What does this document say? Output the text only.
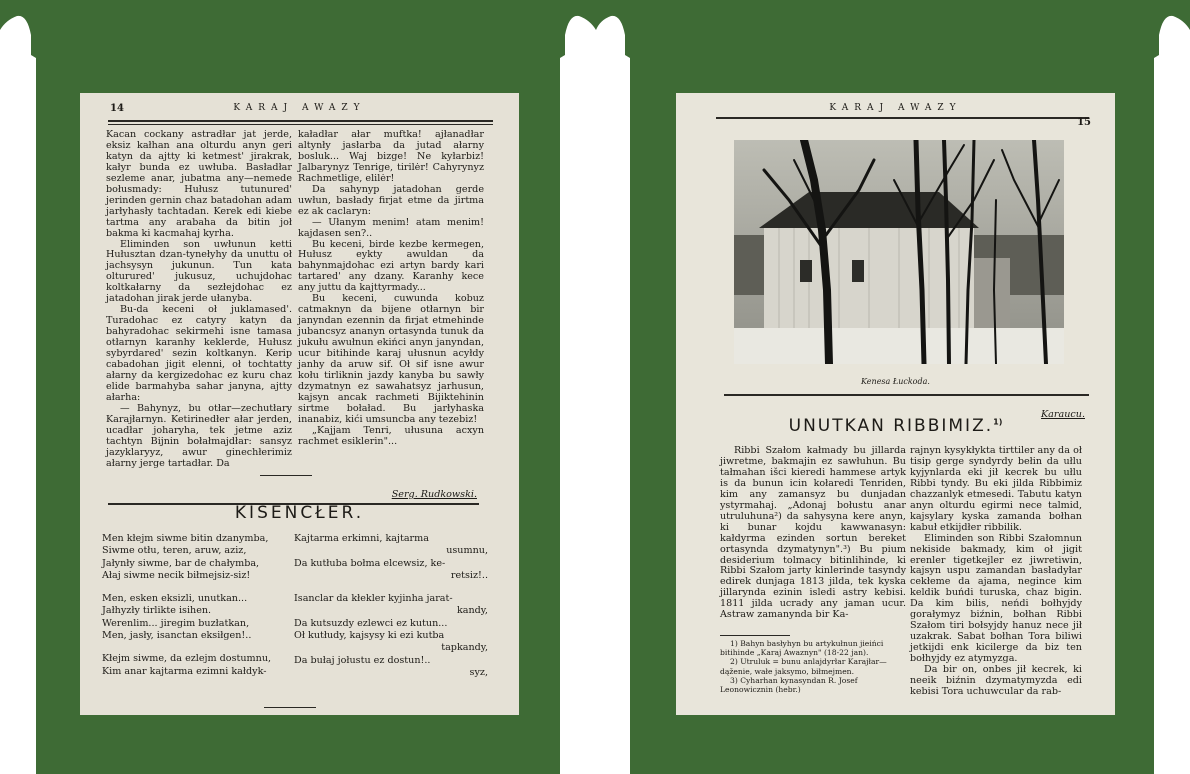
14	KARAJ AWAZY

Kacan cockany astradłar jat jerde, eksiz kałhan ana olturdu anyn geri katyn da ajtty ki ketmest' jirakrak, kałyr bunda ez uwłuba. Basładłar sezleme anar, jubatma any—nemede bołusmady: Hułusz tutunured' jerinden gernin chaz batadohan adam jarłyhasły tachtadan. Kerek edi kiebe tartma any arabaha da bitin joł bakma ki kacmahaj kyrha.

Eliminden son uwłunun ketti Hułusztan dzan-tynełyhy da unuttu oł jachsysyn jukunun. Tun kata olturured' jukusuz, uchujdohac koltkałarny da sezłejdohac ez jatadohan jirak jerde ułanyba.

Bu-da keceni oł juklamased'. Turadohac ez catyry katyn da bahyradohac sekirmehi isne tamasa otłarnyn karanhy keklerde, Hułusz sybyrdared' sezin koltkanyn. Kerip cabadohan jigit elenni, oł tochtatty ałarny da kergizedohac ez kuru chaz elide barmahyba sahar janyna, ajtty ałarha:

— Bahynyz, bu otłar—zechutłary Karajłarnyn. Ketirinedłer ałar jerden, ucadłar joharyha, tek jetme aziz tachtyn Bijnin bołałmajdłar: sansyz jazyklaryyz, awur ginechłerimiz ałarny jerge tartadłar. Da

kaładłar ałar muftka! ajłanadłar altynły jasłarba da jutad ałarny bosluk... Waj bizge! Ne kyłarbiz! Jalbarynyz Tenrige, tirilėr! Cahyrynyz Rachmetlige, elilėr!

Da sahynyp jatadohan gerde uwłun, basłady firjat etme da jirtma ez ak caclaryn:

— Ułanym menim! atam menim! kajdasen sen?..

Bu keceni, birde kezbe kermegen, Hułusz eykty awuldan da bahynmajdohac ezi artyn bardy kari tartared' any dzany. Karanhy kece any juttu da kajttyrmady...

Bu keceni, cuwunda kobuz catmaknyn da bijene otłarnyn bir janyndan ezennin da firjat etmehinde jubancsyz ananyn ortasynda tunuk da jukułu awułnun ekińci anyn janyndan, ucur bitihinde karaj ułusnun acyłdy janhy da aruw sif. Oł sif isne awur kołu tirliknin jazdy kanyba bu sawły dzymatnyn ez sawahatsyz jarhusun, kajsyn ancak rachmeti Bijiktehinin sirtme bołaład. Bu jarłyhaska inanabiz, kići umsuncba any tezebiz!

„Kajjam Tenri, ułusuna acxyn rachmet esiklerin"...

Serg. Rudkowski.
KISENCŁER.
Men kłejm siwme bitin dzanymba,
Siwme otłu, teren, aruw, aziz,
Jałynły siwme, bar de chałymba,
Ałaj siwme necik biłmejsiz-siz!
Men, esken eksizli, unutkan...
Jałhyzły tirlikte isihen.
Werenlim... jiregim buzłatkan,
Men, jasły, isanctan eksiłgen!..
Kłejm siwme, da ezlejm dostumnu,
Kim anar kajtarma ezimni kałdyk-
Kajtarma erkimni, kajtarma
usumnu,
Da kutłuba bołma elcewsiz, ke-
retsiz!..
Isanclar da kłekler kyjinha jarat-
kandy,
Da kutsuzdy ezlewci ez kutun...
Oł kutłudy, kajsysy ki ezi kutba
tapkandy,
Da bułaj jołustu ez dostun!..
syz,
KARAJ AWAZY
15
Kenesa Łuckoda.
Karaucu.
UNUTKAN RIBBIMIZ.$^{1)}$

Ribbi Szałom kałmady bu jillarda jiwretme, bakmajin ez sawłuhun. Bu tałmahan išci kieredi hammese artyk is da bunun icin kołaredi Tenriden, kim any zamansyz bu dunjadan ystyrmahaj. „Adonaj bołustu anar utruluhuna²) da sahysyna kere anyn, ki bunar kojdu kawwanasyn: kałdyrma ezinden sortun bereket ortasynda dzymatynyn".³) Bu pium desiderium tolmacy bitinlihinde, ki Ribbi Szałom jarty kinlerinde tasyndy edirek dunjaga 1813 jilda, tek kyska jillarynda ezinin isledi astry kebisi. 1811 jilda ucrady any jaman ucur. Astraw zamanynda bir Ka-

rajnyn kysykłykta tirttiler any da oł tisip gerge syndyrdy bełin da ułlu kyjynlarda eki jił kecrek bu ułlu Ribbi tyndy. Bu eki jilda Ribbimiz chazzanlyk etmesedi. Tabutu katyn anyn olturdu egirmi nece talmid, kajsylary kyska zamanda bołhan kabuł etkijdłer ribbilik.

Eliminden son Ribbi Szałomnun nekiside bakmady, kim oł jigit erenler tigetkejler ez jiwretiwin, kajsyn uspu zamandan basładyłar cekłeme da ajama, negince kim keldik buńdi turuska, chaz bigin. Da kim bilis, neńdi bołhyjdy gorałymyz biźnin, bołhan Ribbi Szałom tiri bołsyjdy hanuz nece jił uzakrak. Sabat bołhan Tora biliwi jetkijdi enk kicilerge da biz ten bołhyjdy ez atymyzga.

Da bir on, onbes jił kecrek, ki neeik biźnin dzymatymyzda edi kebisi Tora uchuwcular da rab-

1) Bahyn basłyhyn bu artykułnun jieińci bitihinde „Karaj Awaznyn" (18-22 jan).

2) Utruluk = bunu anlajdyrłar Karajłar—dąženie, wałe jaksymo, biłmejmen.

3) Cyharhan kynasyndan R. Josef Leonowicznin (hebr.)
